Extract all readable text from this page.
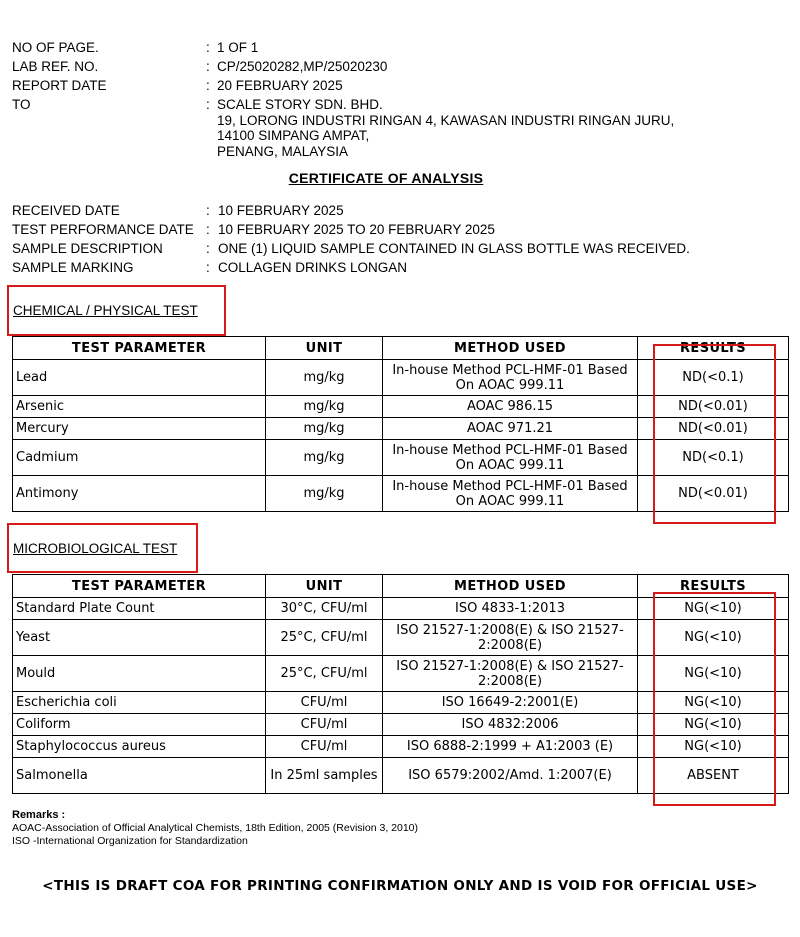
NO OF PAGE.	: 1 OF 1
LAB REF. NO.	: CP/25020282,MP/25020230
REPORT DATE	: 20 FEBRUARY 2025
TO	: SCALE STORY SDN. BHD.
19, LORONG INDUSTRI RINGAN 4, KAWASAN INDUSTRI RINGAN JURU,
14100 SIMPANG AMPAT,
PENANG, MALAYSIA
RECEIVED DATE	: 10 FEBRUARY 2025
TEST PERFORMANCE DATE : 10 FEBRUARY 2025 TO 20 FEBRUARY 2025
SAMPLE DESCRIPTION	: ONE (1) LIQUID SAMPLE CONTAINED IN GLASS BOTTLE WAS RECEIVED.
SAMPLE MARKING	: COLLAGEN DRINKS LONGAN
CERTIFICATE OF ANALYSIS
CHEMICAL / PHYSICAL TEST
TEST PARAMETER	UNIT	METHOD USED	RESULTS
Lead	mg/kg	In-house Method PCL-HMF-01 Based On AOAC 999.11	ND(<0.1)
Arsenic	mg/kg	AOAC 986.15	ND(<0.01)
Mercury	mg/kg	AOAC 971.21	ND(<0.01)
Cadmium	mg/kg	In-house Method PCL-HMF-01 Based On AOAC 999.11	ND(<0.1)
Antimony	mg/kg	In-house Method PCL-HMF-01 Based On AOAC 999.11	ND(<0.01)
MICROBIOLOGICAL TEST
TEST PARAMETER	UNIT	METHOD USED	RESULTS
Standard Plate Count	30°C, CFU/ml	ISO 4833-1:2013	NG(<10)
Yeast	25°C, CFU/ml	ISO 21527-1:2008(E) & ISO 21527-2:2008(E)	NG(<10)
Mould	25°C, CFU/ml	ISO 21527-1:2008(E) & ISO 21527-2:2008(E)	NG(<10)
Escherichia coli	CFU/ml	ISO 16649-2:2001(E)	NG(<10)
Coliform	CFU/ml	ISO 4832:2006	NG(<10)
Staphylococcus aureus	CFU/ml	ISO 6888-2:1999 + A1:2003 (E)	NG(<10)
Salmonella	In 25ml samples	ISO 6579:2002/Amd. 1:2007(E)	ABSENT
Remarks :
AOAC-Association of Official Analytical Chemists, 18th Edition, 2005 (Revision 3, 2010)
ISO -International Organization for Standardization
<THIS IS DRAFT COA FOR PRINTING CONFIRMATION ONLY AND IS VOID FOR OFFICIAL USE>
